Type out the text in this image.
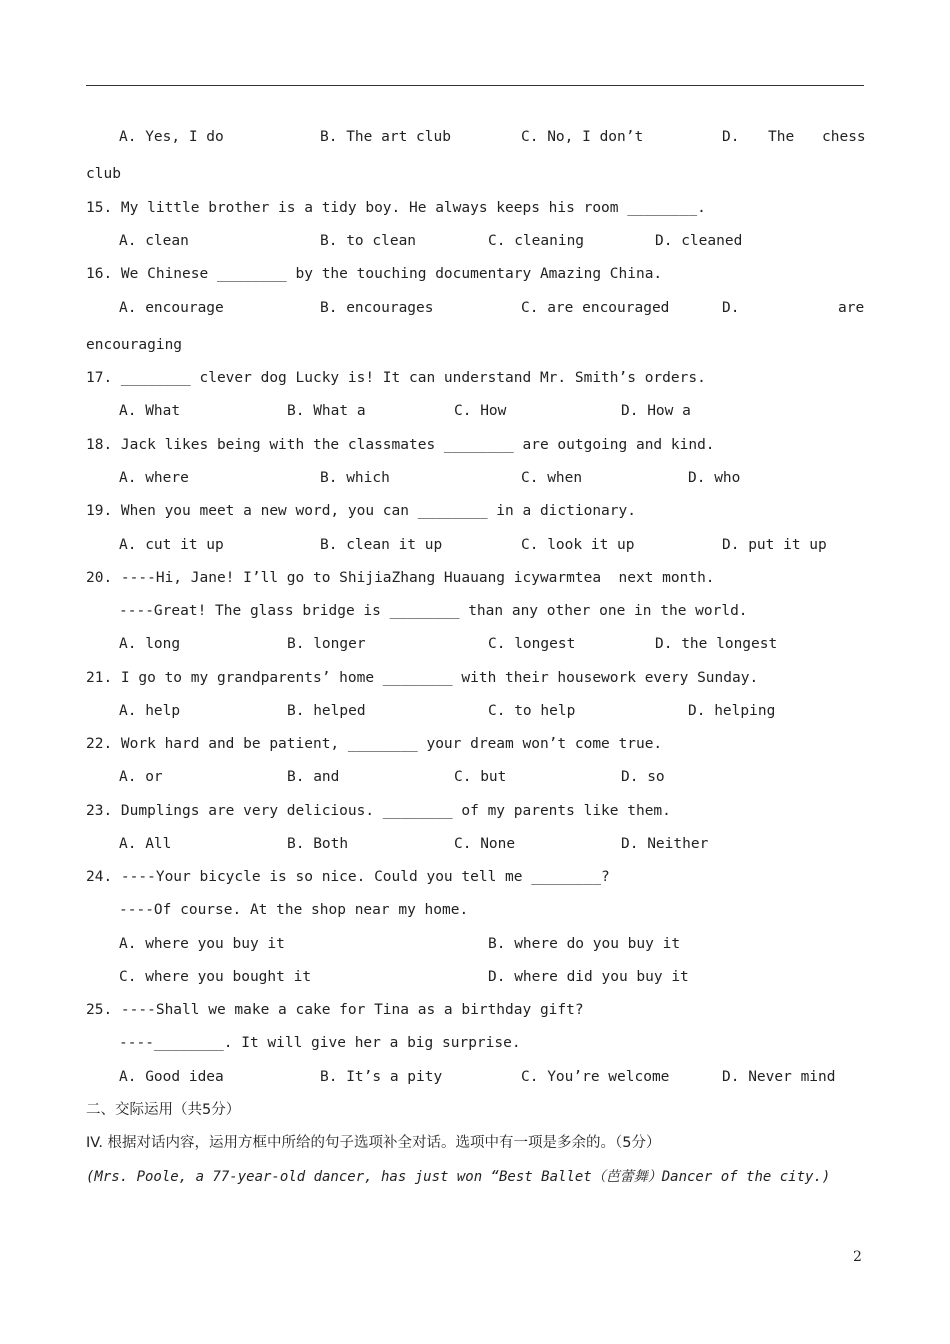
A. Yes, I do	B. The art club	C. No, I don’t	D. The chess
club
15. My little brother is a tidy boy. He always keeps his room ________.
A. clean	B. to clean	C. cleaning	D. cleaned
16. We Chinese ________ by the touching documentary Amazing China.
A. encourage	B. encourages	C. are encouraged	D.	are
encouraging
17. ________ clever dog Lucky is! It can understand Mr. Smith’s orders.
A. What	B. What a	C. How	D. How a
18. Jack likes being with the classmates ________ are outgoing and kind.
A. where	B. which	C. when	D. who
19. When you meet a new word, you can ________ in a dictionary.
A. cut it up	B. clean it up	C. look it up	D. put it up
20. ----Hi, Jane! I’ll go to ShijiaZhang Huauang icywarmtea  next month.
----Great! The glass bridge is ________ than any other one in the world.
A. long	B. longer	C. longest	D. the longest
21. I go to my grandparents’ home ________ with their housework every Sunday.
A. help	B. helped	C. to help	D. helping
22. Work hard and be patient, ________ your dream won’t come true.
A. or	B. and	C. but	D. so
23. Dumplings are very delicious. ________ of my parents like them.
A. All	B. Both	C. None	D. Neither
24. ----Your bicycle is so nice. Could you tell me ________?
----Of course. At the shop near my home.
A. where you buy it	B. where do you buy it
C. where you bought it	D. where did you buy it
25. ----Shall we make a cake for Tina as a birthday gift?
----________. It will give her a big surprise.
A. Good idea	B. It’s a pity	C. You’re welcome	D. Never mind
二、交际运用（共5分）
IV. 根据对话内容，运用方框中所给的句子选项补全对话。选项中有一项是多余的。（5分）
(Mrs. Poole, a 77-year-old dancer, has just won “Best Ballet（芭蕾舞）Dancer of the city.)
2
